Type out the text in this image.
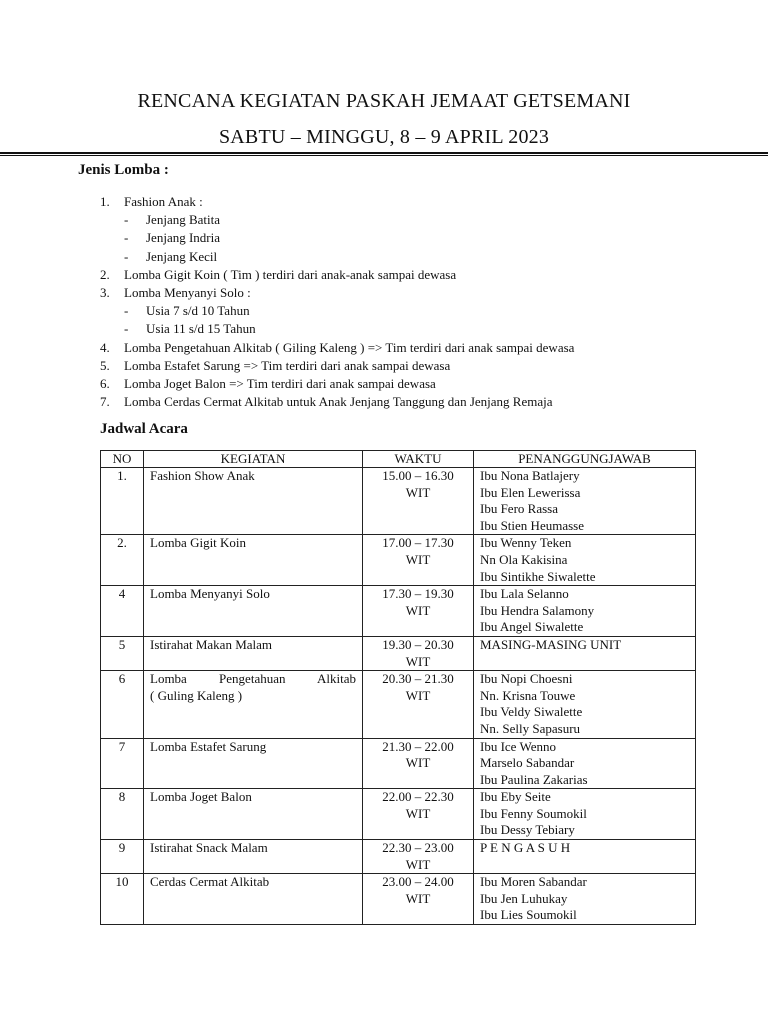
RENCANA KEGIATAN PASKAH JEMAAT GETSEMANI
SABTU – MINGGU, 8 – 9 APRIL 2023
Jenis Lomba :
1. Fashion Anak :
- Jenjang Batita
- Jenjang Indria
- Jenjang Kecil
2. Lomba Gigit Koin ( Tim ) terdiri dari anak-anak sampai dewasa
3. Lomba Menyanyi Solo :
- Usia 7 s/d 10 Tahun
- Usia 11 s/d 15 Tahun
4. Lomba Pengetahuan Alkitab ( Giling Kaleng ) => Tim terdiri dari anak sampai dewasa
5. Lomba Estafet Sarung => Tim terdiri dari anak sampai dewasa
6. Lomba Joget Balon => Tim terdiri dari anak sampai dewasa
7. Lomba Cerdas Cermat Alkitab untuk Anak Jenjang Tanggung dan Jenjang Remaja
Jadwal Acara
NO	KEGIATAN	WAKTU	PENANGGUNGJAWAB
1.	Fashion Show Anak	15.00 – 16.30
WIT	Ibu Nona Batlajery
Ibu Elen Lewerissa
Ibu Fero Rassa
Ibu Stien Heumasse

2.	Lomba Gigit Koin	17.00 – 17.30
WIT	Ibu Wenny Teken
Nn Ola Kakisina
Ibu Sintikhe Siwalette

4	Lomba Menyanyi Solo	17.30 – 19.30
WIT	Ibu Lala Selanno
Ibu Hendra Salamony
Ibu Angel Siwalette

5	Istirahat Makan Malam	19.30 – 20.30
WIT	MASING-MASING UNIT

6	Lomba Pengetahuan Alkitab
( Guling Kaleng )	20.30 – 21.30
WIT	Ibu Nopi Choesni
Nn. Krisna Touwe
Ibu Veldy Siwalette
Nn. Selly Sapasuru

7	Lomba Estafet Sarung	21.30 – 22.00
WIT	Ibu Ice Wenno
Marselo Sabandar
Ibu Paulina Zakarias

8	Lomba Joget Balon	22.00 – 22.30
WIT	Ibu Eby Seite
Ibu Fenny Soumokil
Ibu Dessy Tebiary

9	Istirahat Snack Malam	22.30 – 23.00
WIT	P E N G A S U H

10	Cerdas Cermat Alkitab	23.00 – 24.00
WIT	Ibu Moren Sabandar
Ibu Jen Luhukay
Ibu Lies Soumokil
